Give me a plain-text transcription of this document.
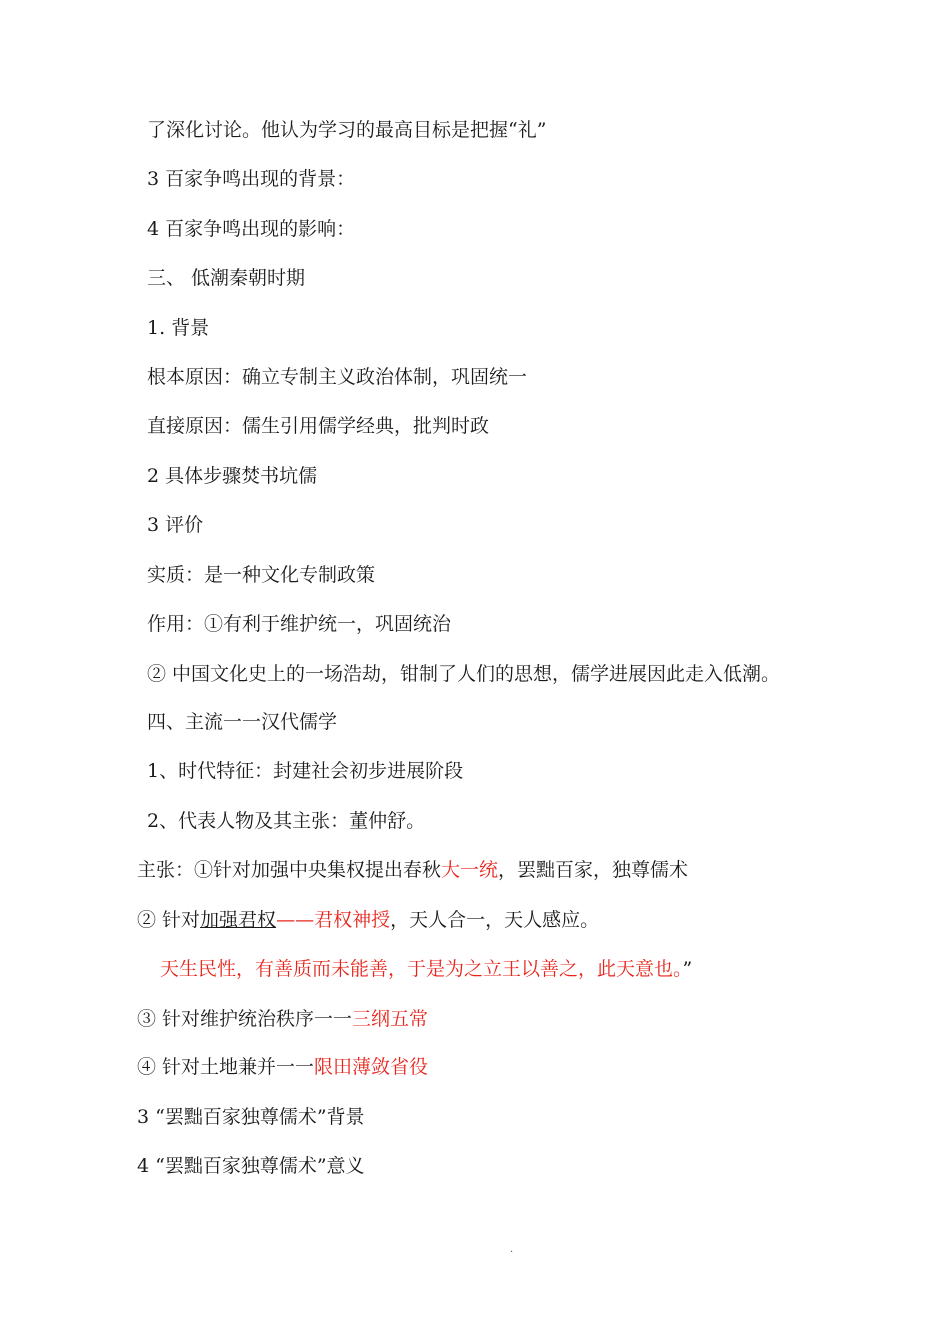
了深化讨论。他认为学习的最高目标是把握“礼”
3 百家争鸣出现的背景：
4 百家争鸣出现的影响：
三、 低潮秦朝时期
1. 背景
根本原因：确立专制主义政治体制，巩固统一
直接原因：儒生引用儒学经典，批判时政
2 具体步骤焚书坑儒
3 评价
实质：是一种文化专制政策
作用：①有利于维护统一，巩固统治
② 中国文化史上的一场浩劫，钳制了人们的思想，儒学进展因此走入低潮。
四、主流一一汉代儒学
1、时代特征：封建社会初步进展阶段
2、代表人物及其主张：董仲舒。
主张：①针对加强中央集权提出春秋大一统，罢黜百家，独尊儒术
② 针对加强君权——君权神授，天人合一，天人感应。
天生民性，有善质而未能善，于是为之立王以善之，此天意也。”
③ 针对维护统治秩序一一三纲五常
④ 针对土地兼并一一限田薄敛省役
3 “罢黜百家独尊儒术”背景
4 “罢黜百家独尊儒术”意义
.
